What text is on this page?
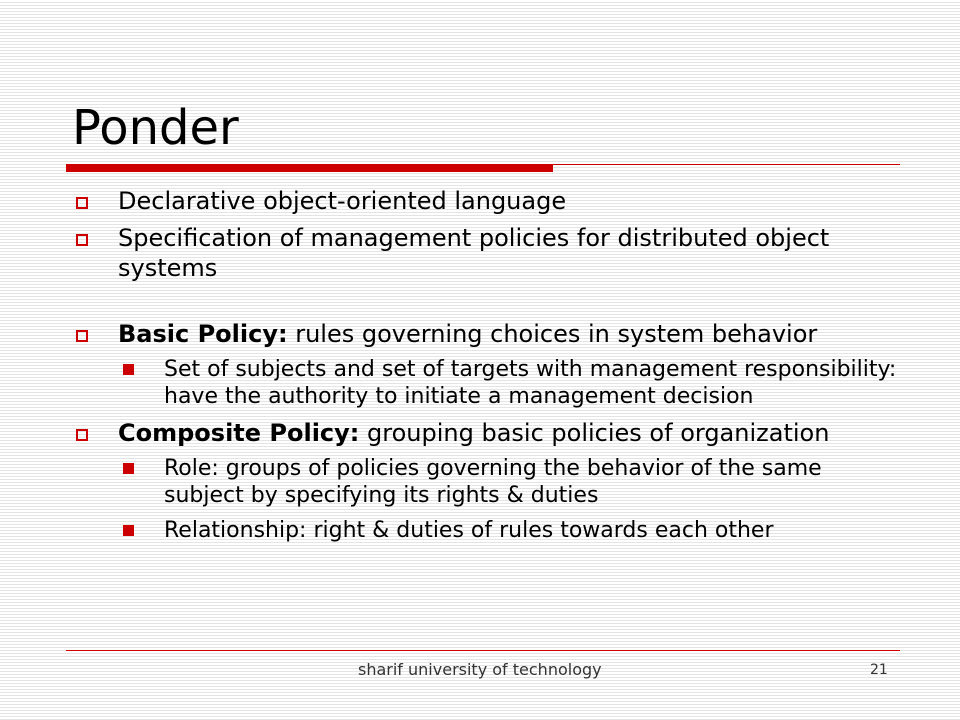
Ponder
Declarative object-oriented language
Specification of management policies for distributed object systems
Basic Policy: rules governing choices in system behavior
Set of subjects and set of targets with management responsibility: have the authority to initiate a management decision
Composite Policy: grouping basic policies of organization
Role: groups of policies governing the behavior of the same subject by specifying its rights & duties
Relationship: right & duties of rules towards each other
sharif university of technology	21
